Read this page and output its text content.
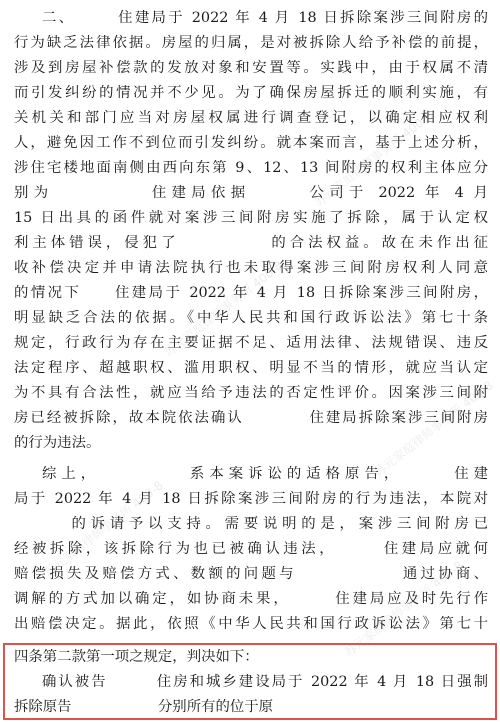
苏元家庭律师事务所 400-8
苏元家庭律师事务所 400-8
苏元家庭律师事务所 400-8
苏元家庭律师事务所 400-8
苏元家庭律师事务所 400-8
二、　　　住建局于 2022 年 4 月 18 日拆除案涉三间附房的
行为缺乏法律依据。房屋的归属，是对被拆除人给予补偿的前提，
涉及到房屋补偿款的发放对象和安置等。实践中，由于权属不清
而引发纠纷的情况并不少见。为了确保房屋拆迁的顺利实施，有
关机关和部门应当对房屋权属进行调查登记，以确定相应权利
人，避免因工作不到位而引发纠纷。就本案而言，基于上述分析，
涉住宅楼地面南侧由西向东第 9、12、13 间附房的权利主体应分
别为　　　　　住建局依据　　　公司于 2022 年 4 月
15 日出具的函件就对案涉三间附房实施了拆除，属于认定权
利主体错误，侵犯了　　　　　的合法权益。故在未作出征
收补偿决定并申请法院执行也未取得案涉三间附房权利人同意
的情况下　　住建局于 2022 年 4 月 18 日拆除案涉三间附房，
明显缺乏合法的依据。《中华人民共和国行政诉讼法》第七十条
规定，行政行为存在主要证据不足、适用法律、法规错误、违反
法定程序、超越职权、滥用职权、明显不当的情形，就应当认定
为不具有合法性，就应当给予违法的否定性评价。因案涉三间附
房已经被拆除，故本院依法确认　　　　住建局拆除案涉三间附房
的行为违法。
综上，　　　　　系本案诉讼的适格原告，　　　住建
局于 2022 年 4 月 18 日拆除案涉三间附房的行为违法，本院对
　　　的诉请予以支持。需要说明的是，案涉三间附房已
经被拆除，该拆除行为也已被确认违法，　　　住建局应就何
赔偿损失及赔偿方式、数额的问题与　　　　　　通过协商、
调解的方式加以确定，如协商未果，　　　住建局应及时先行作
出赔偿决定。据此，依照《中华人民共和国行政诉讼法》第七十
四条第二款第一项之规定，判决如下：
确认被告　　　住房和城乡建设局于 2022 年 4 月 18 日强制
拆除原告　　　　　　分别所有的位于原
